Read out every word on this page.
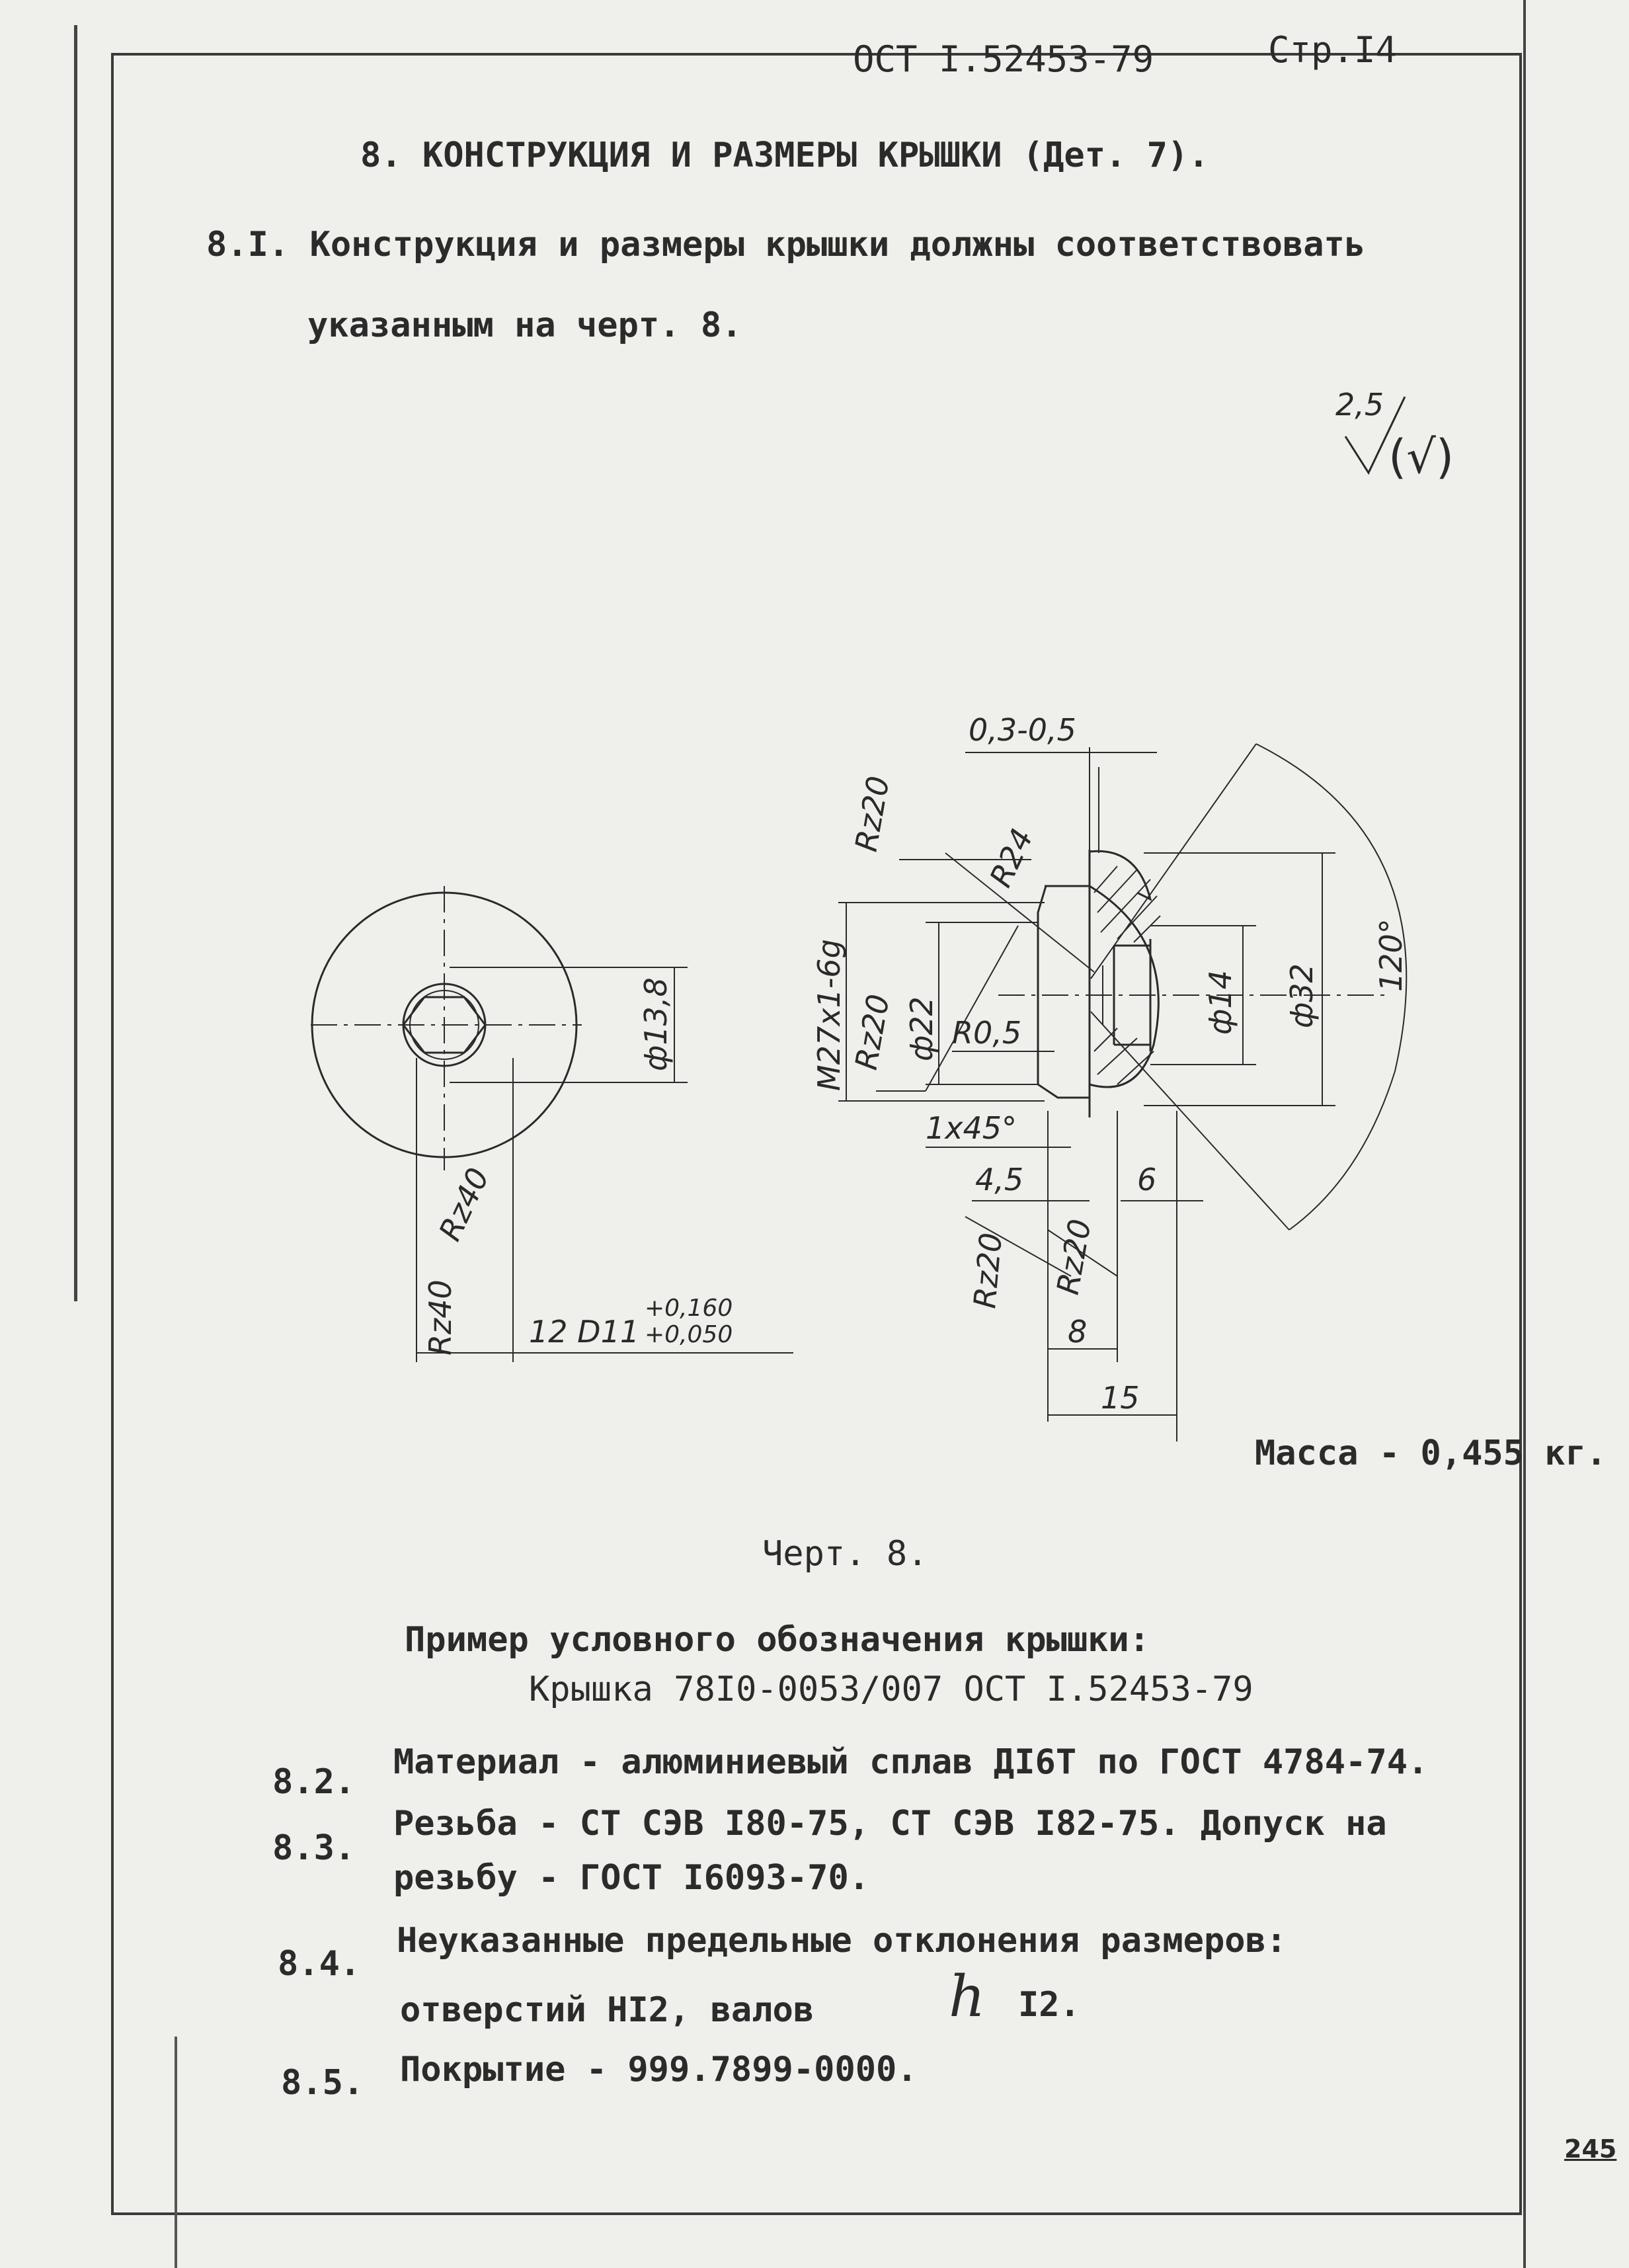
ОСТ I.52453-79	Стр.I4
8. КОНСТРУКЦИЯ И РАЗМЕРЫ КРЫШКИ (Дет. 7).
8.I. Конструкция и размеры крышки должны соответствовать
указанным на черт. 8.
2,5
(√)
ф13,8
Rz40
Rz40 12 D11
+0,160
+0,050
120°
0,3-0,5
Rz20
R24
M27x1-6g ф22
Rz20 R0,5	ф14 ф32
1x45°
4,5	6
Rz20 Rz20
8
15
Масса - 0,455 кг.
Черт. 8.
Пример условного обозначения крышки:
Крышка 78I0-0053/007 ОСТ I.52453-79
8.2. Материал - алюминиевый сплав ДI6Т по ГОСТ 4784-74.
8.3.
Резьба - СТ СЭВ I80-75, СТ СЭВ I82-75. Допуск на
резьбу - ГОСТ I6093-70.
8.4.
Неуказанные предельные отклонения размеров:
отверстий HI2, валов h I2.
8.5. Покрытие - 999.7899-0000.
245
